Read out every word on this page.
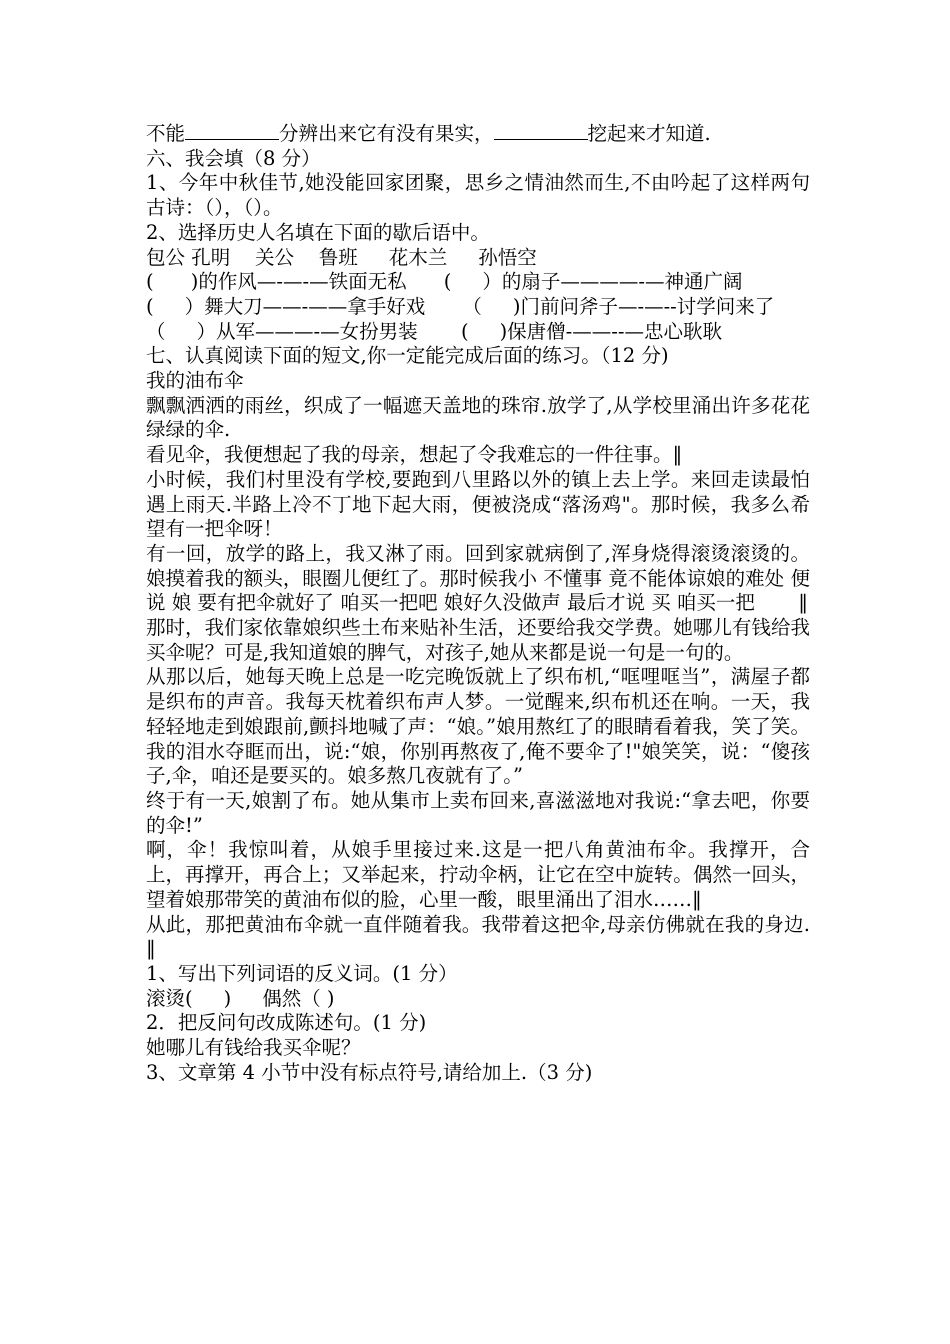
不能	分辨出来它有没有果实，	挖起来才知道.

六、我会填（8 分）

1、今年中秋佳节,她没能回家团聚，思乡之情油然而生,不由吟起了这样两句古诗：（），（）。

2、选择历史人名填在下面的歇后语中。

包公 孔明    关公    鲁班     花木兰     孙悟空

(      )的作风—-—-—铁面无私      (     ）的扇子————-—神通广阔

(     ）舞大刀——-——拿手好戏      （     )门前问斧子—-—--讨学问来了

（     ）从军———-—女扮男装       (     )保唐僧-——--—忠心耿耿

七、认真阅读下面的短文,你一定能完成后面的练习。（12 分)

我的油布伞

飘飘洒洒的雨丝，织成了一幅遮天盖地的珠帘.放学了,从学校里涌出许多花花绿绿的伞.

看见伞，我便想起了我的母亲，想起了令我难忘的一件往事。‖

小时候，我们村里没有学校,要跑到八里路以外的镇上去上学。来回走读最怕遇上雨天.半路上冷不丁地下起大雨，便被浇成“落汤鸡"。那时候，我多么希望有一把伞呀！

有一回，放学的路上，我又淋了雨。回到家就病倒了,浑身烧得滚烫滚烫的。娘摸着我的额头，眼圈儿便红了。那时候我小 不懂事 竟不能体谅娘的难处 便说 娘 要有把伞就好了 咱买一把吧 娘好久没做声 最后才说 买 咱买一把       ‖

那时，我们家依靠娘织些土布来贴补生活，还要给我交学费。她哪儿有钱给我买伞呢？可是,我知道娘的脾气，对孩子,她从来都是说一句是一句的。

从那以后，她每天晚上总是一吃完晚饭就上了织布机,“哐哩哐当”，满屋子都是织布的声音。我每天枕着织布声人梦。一觉醒来,织布机还在响。一天，我轻轻地走到娘跟前,颤抖地喊了声：“娘。”娘用熬红了的眼睛看着我，笑了笑。我的泪水夺眶而出，说:“娘，你别再熬夜了,俺不要伞了!"娘笑笑，说：“傻孩子,伞，咱还是要买的。娘多熬几夜就有了。”

终于有一天,娘割了布。她从集市上卖布回来,喜滋滋地对我说:“拿去吧，你要的伞!”

啊，伞！我惊叫着，从娘手里接过来.这是一把八角黄油布伞。我撑开，合上，再撑开，再合上；又举起来，拧动伞柄，让它在空中旋转。偶然一回头，望着娘那带笑的黄油布似的脸，心里一酸，眼里涌出了泪水……‖

从此，那把黄油布伞就一直伴随着我。我带着这把伞,母亲仿佛就在我的身边.‖

1、写出下列词语的反义词。(1 分）

滚烫(     )     偶然（ )

2．把反问句改成陈述句。(1 分)

她哪儿有钱给我买伞呢？

3、文章第 4 小节中没有标点符号,请给加上.（3 分)
